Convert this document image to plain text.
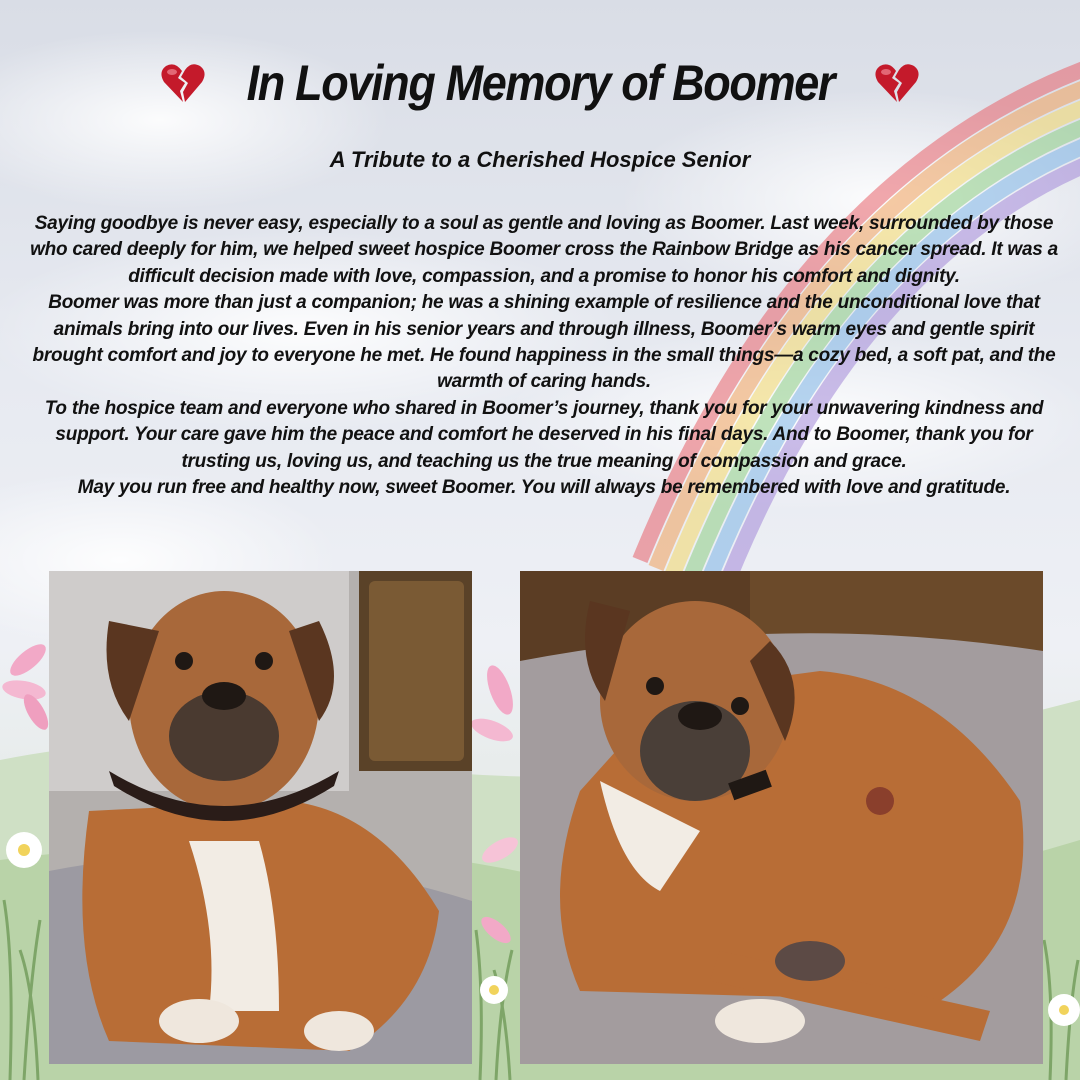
In Loving Memory of Boomer
A Tribute to a Cherished Hospice Senior

Saying goodbye is never easy, especially to a soul as gentle and loving as Boomer. Last week, surrounded by those who cared deeply for him, we helped sweet hospice Boomer cross the Rainbow Bridge as his cancer spread. It was a difficult decision made with love, compassion, and a promise to honor his comfort and dignity.

Boomer was more than just a companion; he was a shining example of resilience and the unconditional love that animals bring into our lives. Even in his senior years and through illness, Boomer’s warm eyes and gentle spirit brought comfort and joy to everyone he met. He found happiness in the small things—a cozy bed, a soft pat, and the warmth of caring hands.

To the hospice team and everyone who shared in Boomer’s journey, thank you for your unwavering kindness and support. Your care gave him the peace and comfort he deserved in his final days. And to Boomer, thank you for trusting us, loving us, and teaching us the true meaning of compassion and grace.

May you run free and healthy now, sweet Boomer. You will always be remembered with love and gratitude.
